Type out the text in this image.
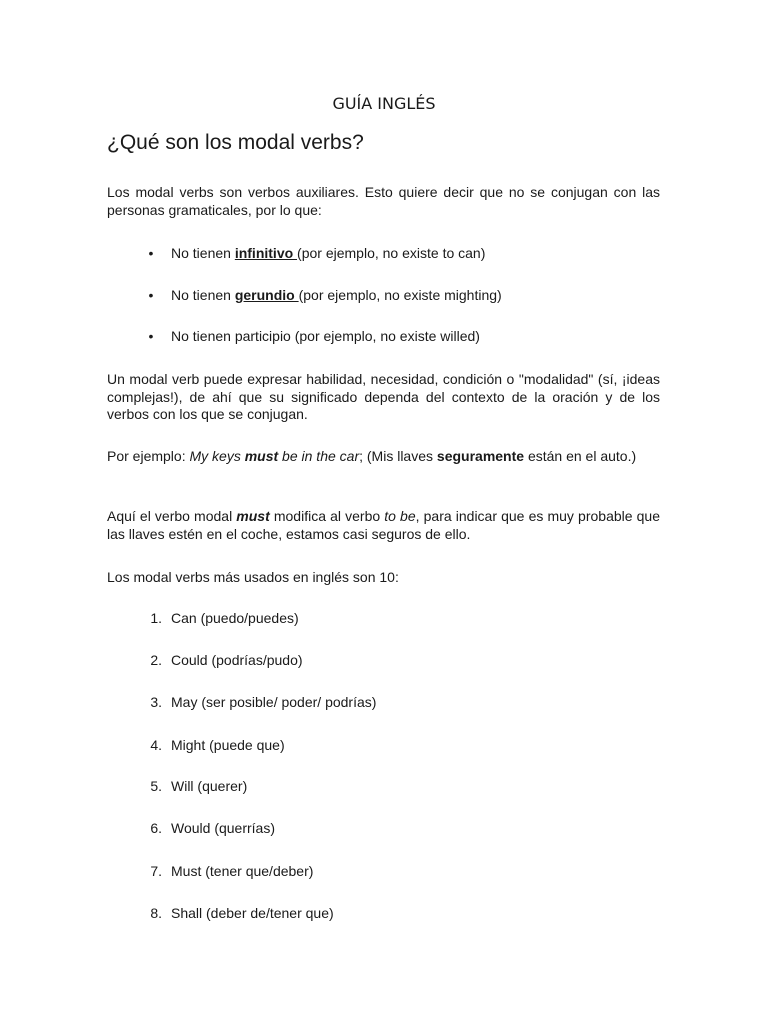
GUÍA INGLÉS
¿Qué son los modal verbs?
Los modal verbs son verbos auxiliares. Esto quiere decir que no se conjugan con las personas gramaticales, por lo que:
• No tienen infinitivo (por ejemplo, no existe to can)
• No tienen gerundio (por ejemplo, no existe mighting)
• No tienen participio (por ejemplo, no existe willed)
Un modal verb puede expresar habilidad, necesidad, condición o "modalidad" (sí, ¡ideas complejas!), de ahí que su significado dependa del contexto de la oración y de los verbos con los que se conjugan.
Por ejemplo: My keys must be in the car; (Mis llaves seguramente están en el auto.)
Aquí el verbo modal must modifica al verbo to be, para indicar que es muy probable que las llaves estén en el coche, estamos casi seguros de ello.
Los modal verbs más usados en inglés son 10:
1. Can (puedo/puedes)
2. Could (podrías/pudo)
3. May (ser posible/ poder/ podrías)
4. Might (puede que)
5. Will (querer)
6. Would (querrías)
7. Must (tener que/deber)
8. Shall (deber de/tener que)
